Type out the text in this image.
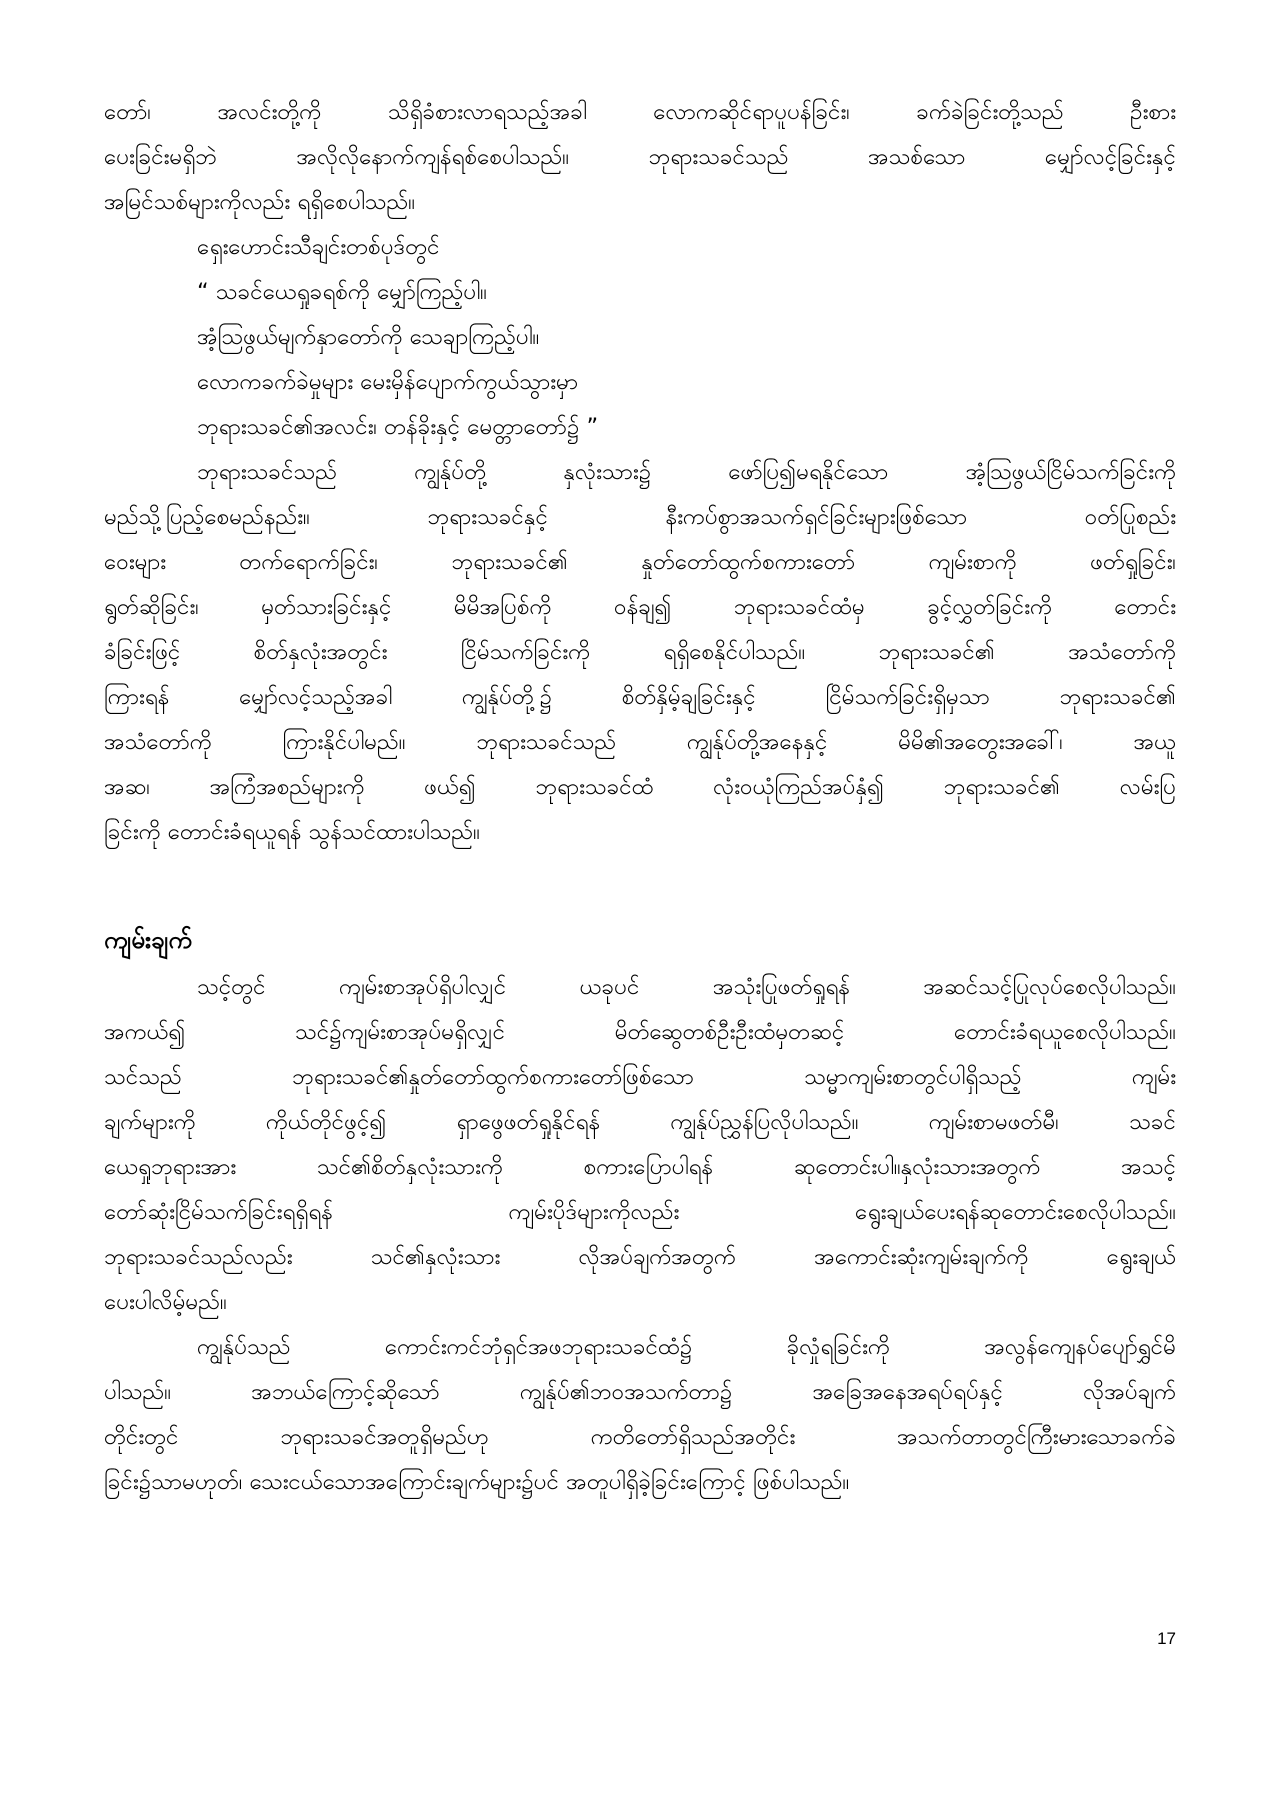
တော်၊ အလင်းတို့ကို သိရှိခံစားလာရသည့်အခါ လောကဆိုင်ရာပူပန်ခြင်း၊ ခက်ခဲခြင်းတို့သည် ဦးစား
ပေးခြင်းမရှိဘဲ အလိုလိုနောက်ကျန်ရစ်စေပါသည်။ ဘုရားသခင်သည် အသစ်သော မျှော်လင့်ခြင်းနှင့်
အမြင်သစ်များကိုလည်း ရရှိစေပါသည်။
ရှေးဟောင်းသီချင်းတစ်ပုဒ်တွင်
“ သခင်ယေရှုခရစ်ကို မျှော်ကြည့်ပါ။
အံ့သြဖွယ်မျက်နှာတော်ကို သေချာကြည့်ပါ။
လောကခက်ခဲမှုများ မေးမှိန်ပျောက်ကွယ်သွားမှာ
ဘုရားသခင်၏အလင်း၊ တန်ခိုးနှင့် မေတ္တာတော်၌ ”
ဘုရားသခင်သည် ကျွန်ုပ်တို့ နှလုံးသား၌ ဖော်ပြ၍မရနိုင်သော အံ့သြဖွယ်ငြိမ်သက်ခြင်းကို
မည်သို့ပြည့်စေမည်နည်း။ ဘုရားသခင်နှင့် နီးကပ်စွာအသက်ရှင်ခြင်းများဖြစ်သော ဝတ်ပြုစည်း
ဝေးများ တက်ရောက်ခြင်း၊ ဘုရားသခင်၏ နှုတ်တော်ထွက်စကားတော် ကျမ်းစာကို ဖတ်ရှုခြင်း၊
ရွတ်ဆိုခြင်း၊ မှတ်သားခြင်းနှင့် မိမိအပြစ်ကို ဝန်ချ၍ ဘုရားသခင်ထံမှ ခွင့်လွှတ်ခြင်းကို တောင်း
ခံခြင်းဖြင့် စိတ်နှလုံးအတွင်း ငြိမ်သက်ခြင်းကို ရရှိစေနိုင်ပါသည်။ ဘုရားသခင်၏ အသံတော်ကို
ကြားရန် မျှော်လင့်သည့်အခါ ကျွန်ုပ်တို့၌ စိတ်နှိမ့်ချခြင်းနှင့် ငြိမ်သက်ခြင်းရှိမှသာ ဘုရားသခင်၏
အသံတော်ကို ကြားနိုင်ပါမည်။ ဘုရားသခင်သည် ကျွန်ုပ်တို့အနေနှင့် မိမိ၏အတွေးအခေါ်၊ အယူ
အဆ၊ အကြံအစည်များကို ဖယ်၍ ဘုရားသခင်ထံ လုံးဝယုံကြည်အပ်နှံ၍ ဘုရားသခင်၏ လမ်းပြ
ခြင်းကို တောင်းခံရယူရန် သွန်သင်ထားပါသည်။
ကျမ်းချက်
သင့်တွင် ကျမ်းစာအုပ်ရှိပါလျှင် ယခုပင် အသုံးပြုဖတ်ရှုရန် အဆင်သင့်ပြုလုပ်စေလိုပါသည်။
အကယ်၍ သင်၌ကျမ်းစာအုပ်မရှိလျှင် မိတ်ဆွေတစ်ဦးဦးထံမှတဆင့် တောင်းခံရယူစေလိုပါသည်။
သင်သည် ဘုရားသခင်၏နှုတ်တော်ထွက်စကားတော်ဖြစ်သော သမ္မာကျမ်းစာတွင်ပါရှိသည့် ကျမ်း
ချက်များကို ကိုယ်တိုင်ဖွင့်၍ ရှာဖွေဖတ်ရှုနိုင်ရန် ကျွန်ုပ်ညွှန်ပြလိုပါသည်။ ကျမ်းစာမဖတ်မီ၊ သခင်
ယေရှုဘုရားအား သင်၏စိတ်နှလုံးသားကို စကားပြောပါရန် ဆုတောင်းပါ။နှလုံးသားအတွက် အသင့်
တော်ဆုံးငြိမ်သက်ခြင်းရရှိရန် ကျမ်းပိုဒ်များကိုလည်း ရွေးချယ်ပေးရန်ဆုတောင်းစေလိုပါသည်။
ဘုရားသခင်သည်လည်း သင်၏နှလုံးသား လိုအပ်ချက်အတွက် အကောင်းဆုံးကျမ်းချက်ကို ရွေးချယ်
ပေးပါလိမ့်မည်။
ကျွန်ုပ်သည် ကောင်းကင်ဘုံရှင်အဖဘုရားသခင်ထံ၌ ခိုလှုံရခြင်းကို အလွန်ကျေနပ်ပျော်ရွှင်မိ
ပါသည်။ အဘယ်ကြောင့်ဆိုသော် ကျွန်ုပ်၏ဘဝအသက်တာ၌ အခြေအနေအရပ်ရပ်နှင့် လိုအပ်ချက်
တိုင်းတွင် ဘုရားသခင်အတူရှိမည်ဟု ကတိတော်ရှိသည်အတိုင်း အသက်တာတွင်ကြီးမားသောခက်ခဲ
ခြင်း၌သာမဟုတ်၊ သေးငယ်သောအကြောင်းချက်များ၌ပင် အတူပါရှိခဲ့ခြင်းကြောင့် ဖြစ်ပါသည်။
17
